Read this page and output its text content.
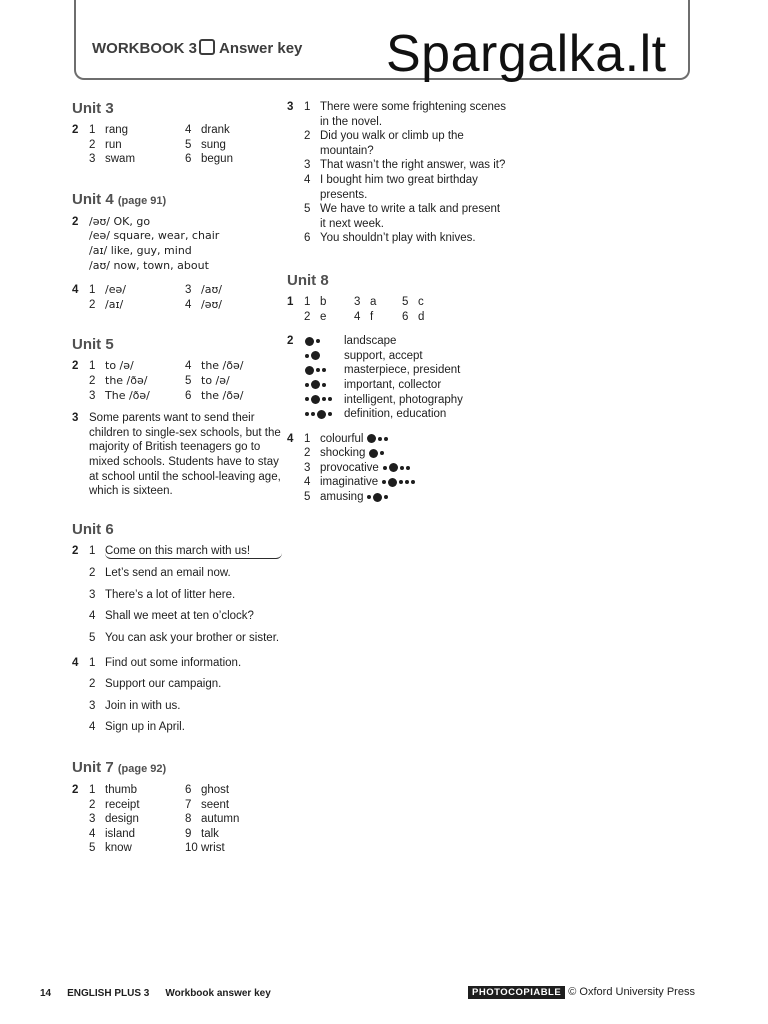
WORKBOOK 3 Answer key Spargalka.lt
Unit 3
2 1 rang	4 drank
2 run	5 sung
3 swam	6 begun
Unit 4 (page 91)
2 /əʊ/ OK, go
/eə/ square, wear, chair
/aɪ/ like, guy, mind
/aʊ/ now, town, about
4 1 /eə/	3 /aʊ/
2 /aɪ/	4 /əʊ/
Unit 5
2 1 to /ə/	4 the /ðə/
2 the /ðə/	5 to /ə/
3 The /ðə/	6 the /ðə/
3 Some parents want to send their children to single-sex schools, but the majority of British teenagers go to mixed schools. Students have to stay at school until the school-leaving age, which is sixteen.
Unit 6
2 1 Come on this march with us!
2 Let’s send an email now.
3 There’s a lot of litter here.
4 Shall we meet at ten o’clock?
5 You can ask your brother or sister.
4 1 Find out some information.
2 Support our campaign.
3 Join in with us.
4 Sign up in April.
Unit 7 (page 92)
2 1 thumb	6 ghost
2 receipt	7 seent
3 design	8 autumn
4 island	9 talk
5 know	10 wrist
3 1 There were some frightening scenes in the novel.
2 Did you walk or climb up the mountain?
3 That wasn’t the right answer, was it?
4 I bought him two great birthday presents.
5 We have to write a talk and present it next week.
6 You shouldn’t play with knives.
Unit 8
1 1 b	3 a	5 c
2 e	4 f	6 d
2	landscape
support, accept
masterpiece, president
important, collector
intelligent, photography
definition, education
4 1 colourful
2 shocking
3 provocative
4 imaginative
5 amusing
14 ENGLISH PLUS 3 Workbook answer key	PHOTOCOPIABLE © Oxford University Press
